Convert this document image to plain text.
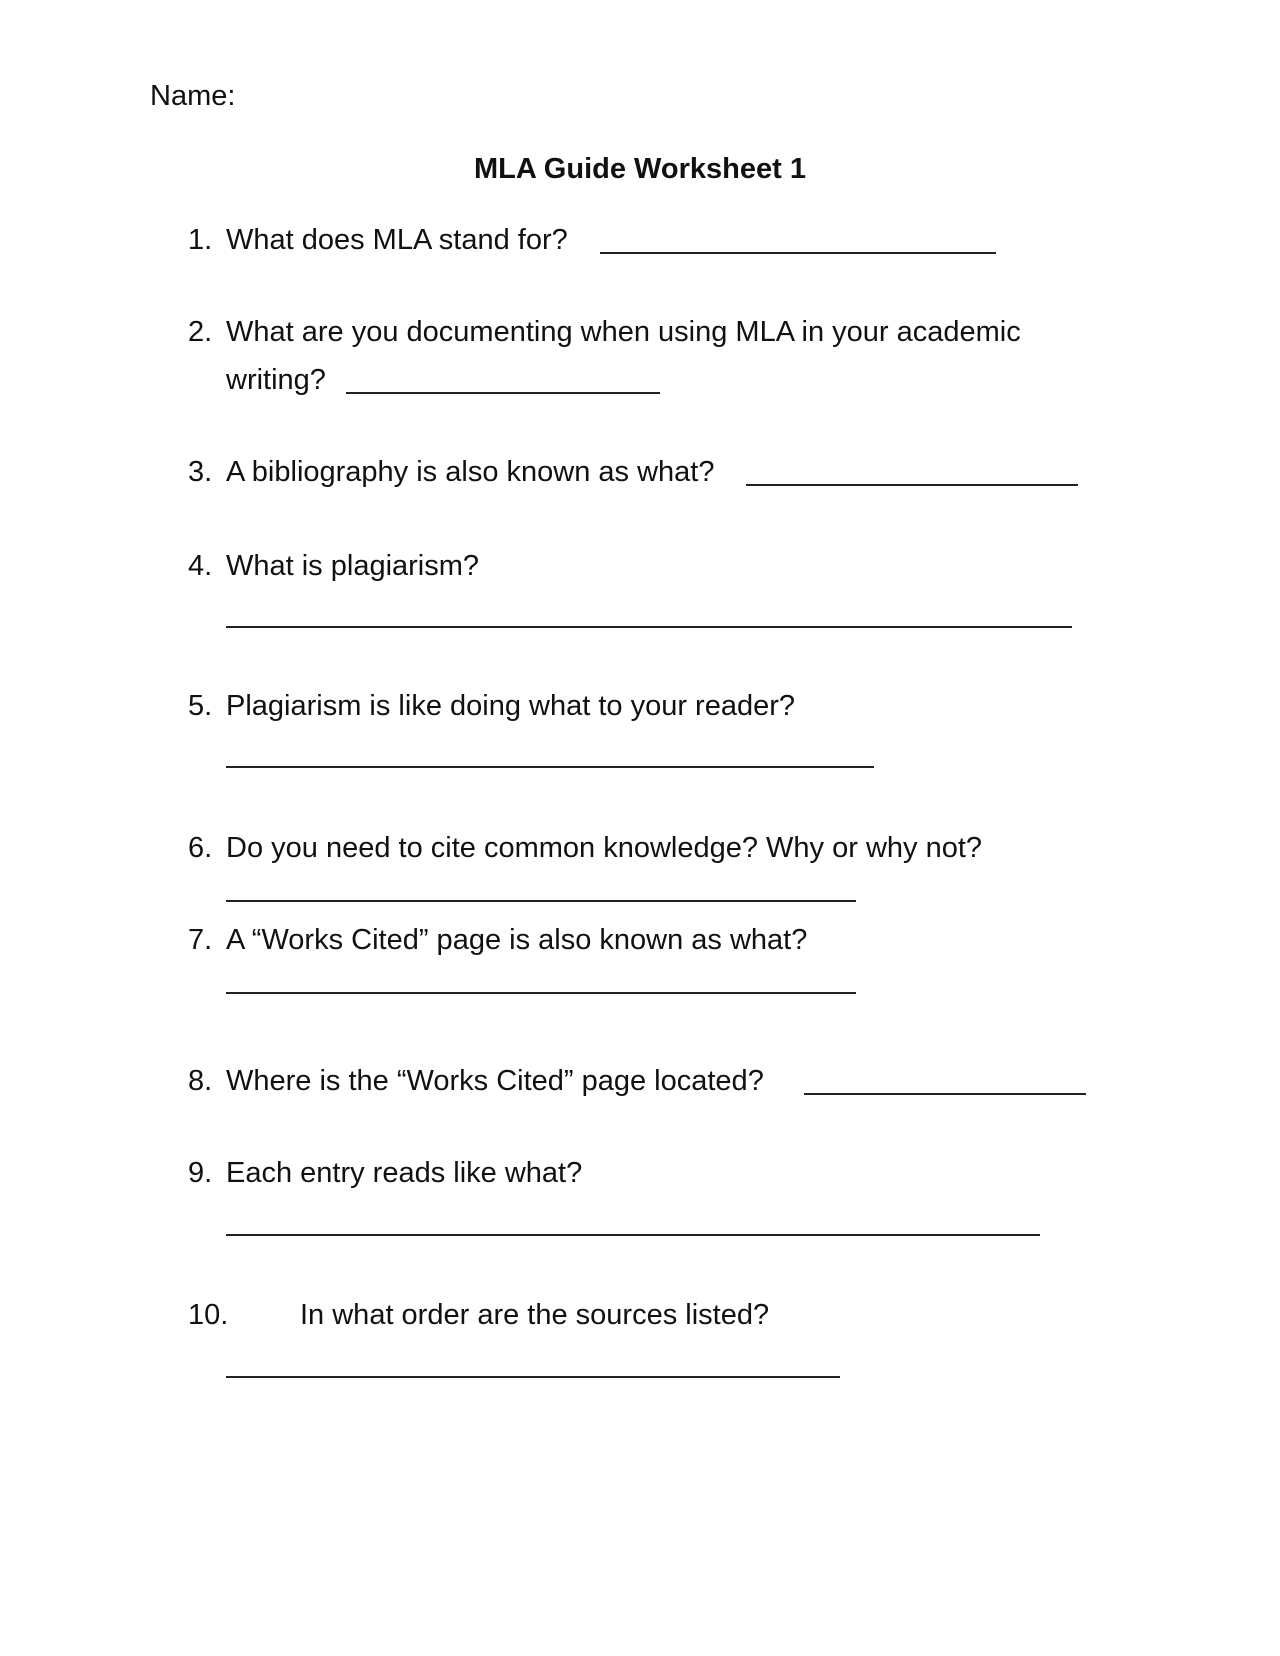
Name:
MLA Guide Worksheet 1
1. What does MLA stand for?
2. What are you documenting when using MLA in your academic
writing?
3. A bibliography is also known as what?
4. What is plagiarism?
5. Plagiarism is like doing what to your reader?
6. Do you need to cite common knowledge? Why or why not?
7. A “Works Cited” page is also known as what?
8. Where is the “Works Cited” page located?
9. Each entry reads like what?
10. In what order are the sources listed?
